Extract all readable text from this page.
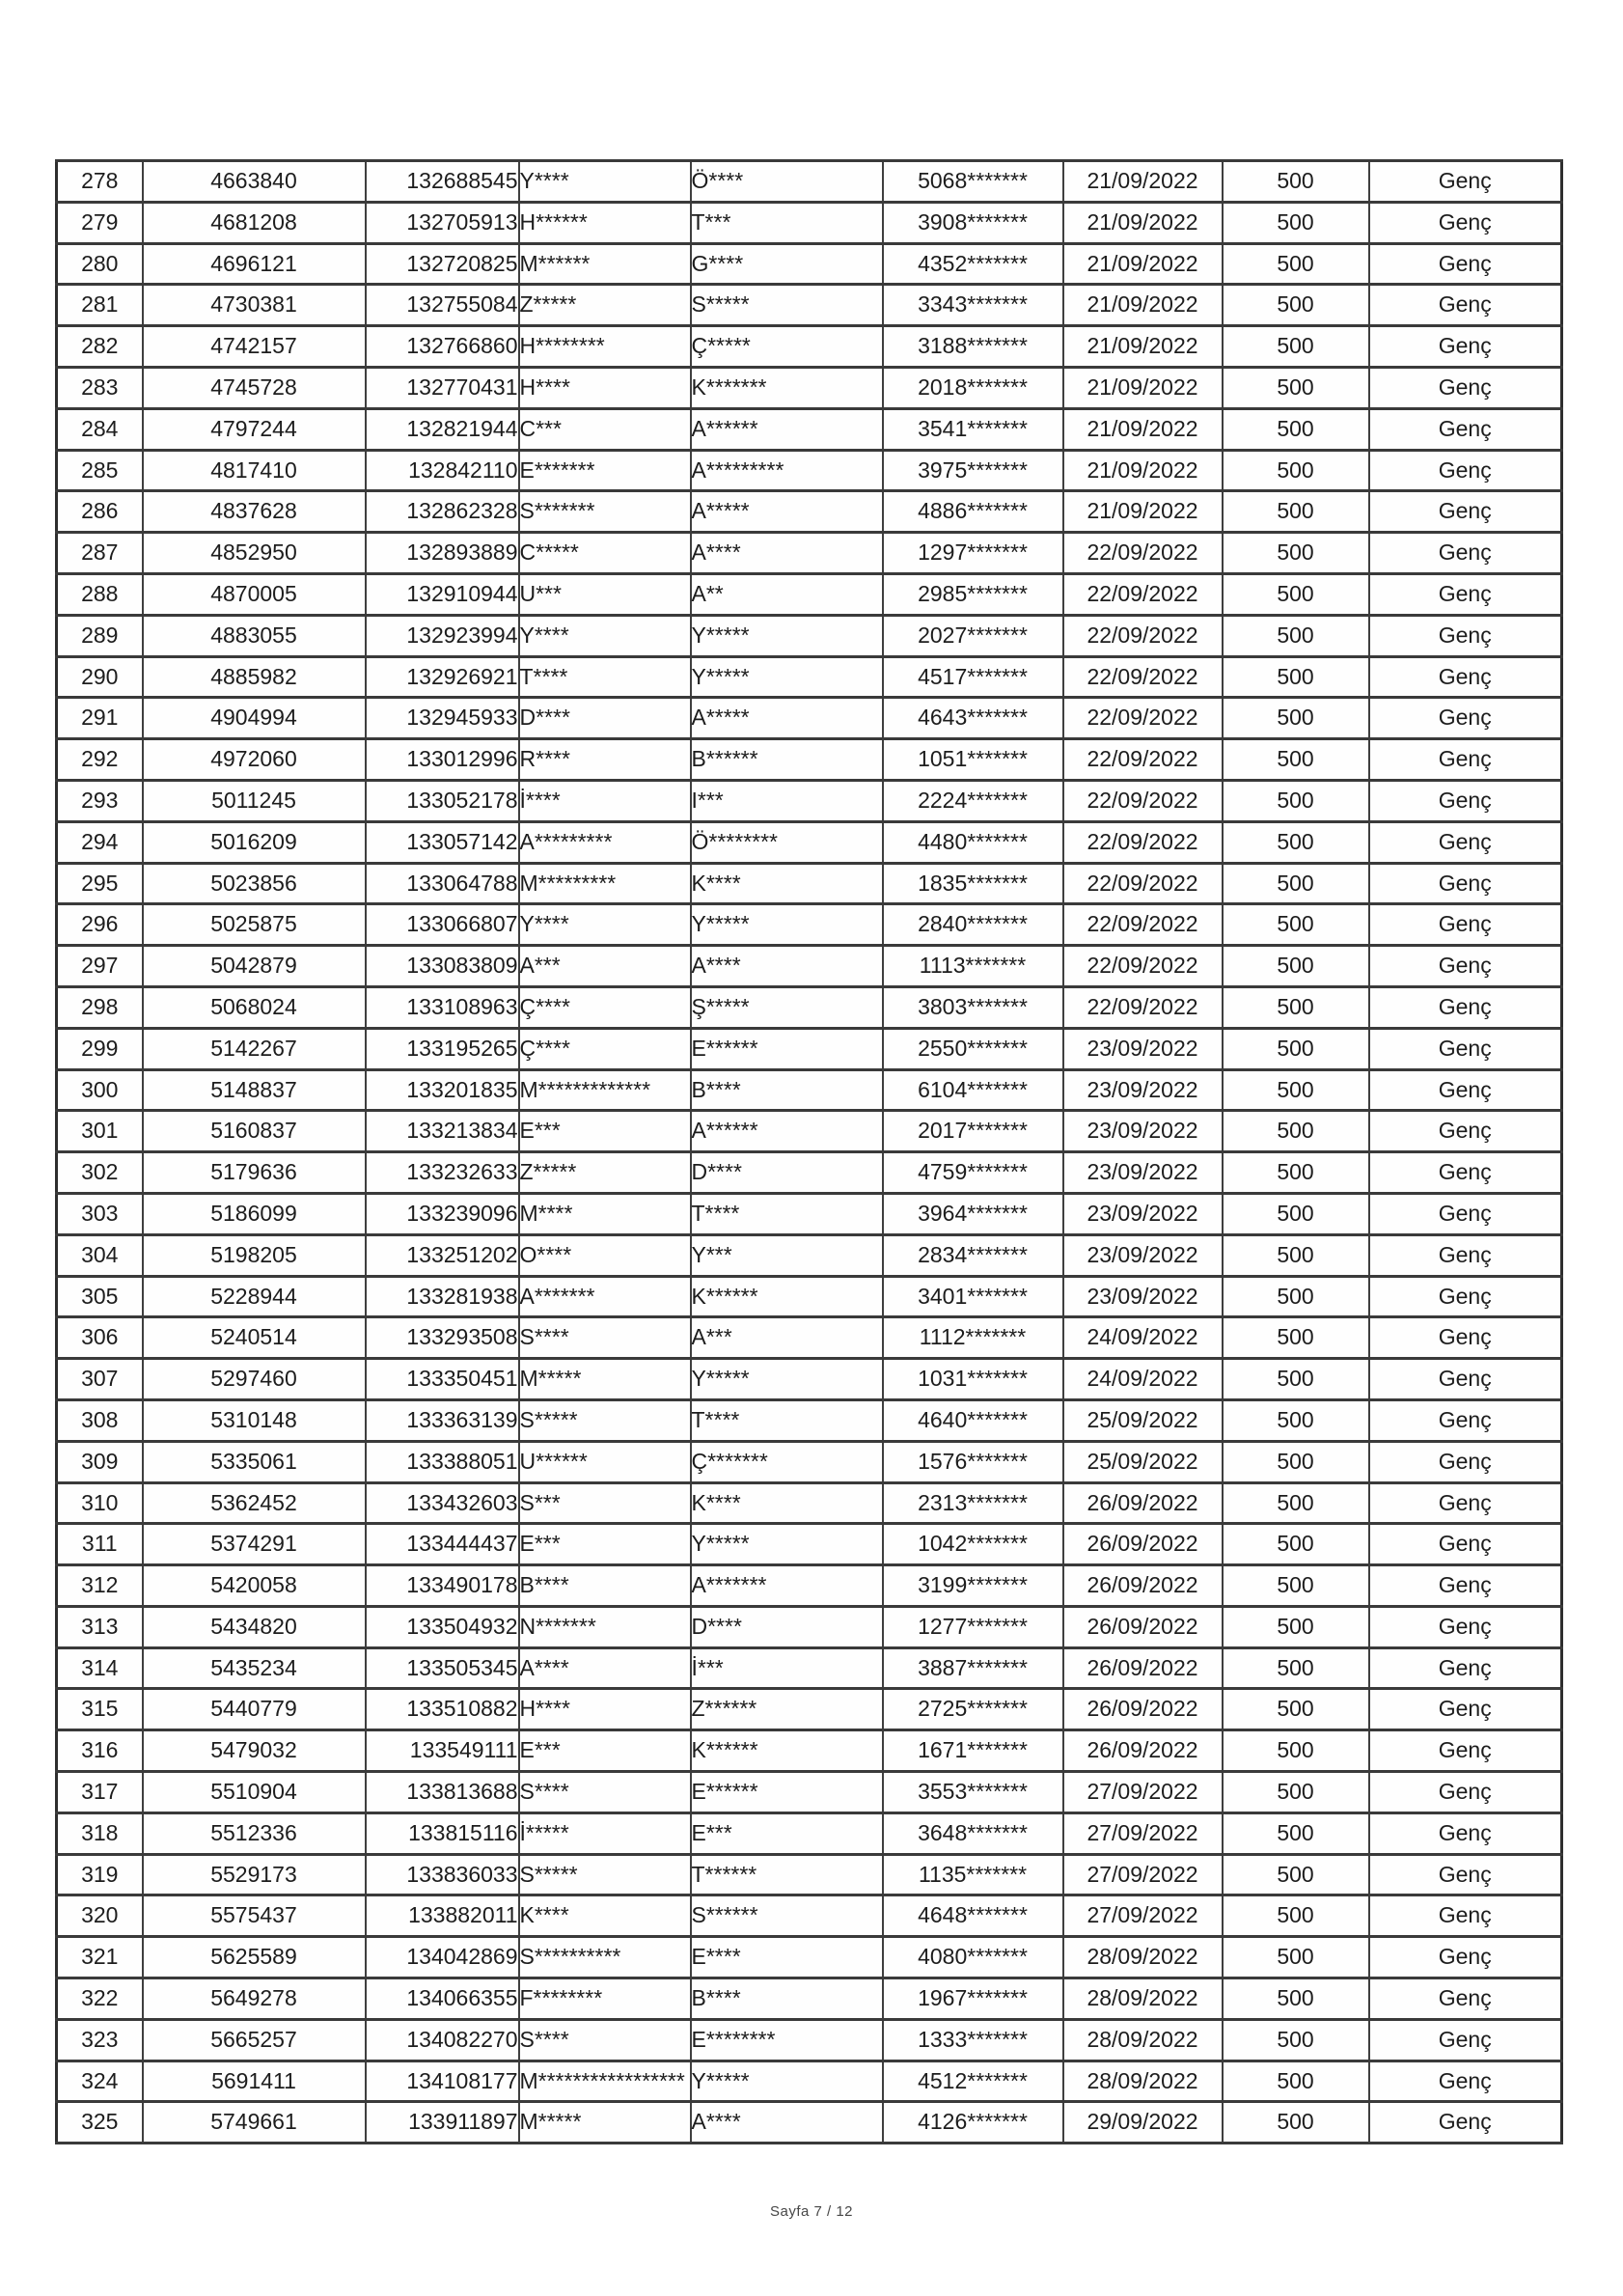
278	4663840	132688545	Y****	Ö****	5068*******	21/09/2022	500	Genç
279	4681208	132705913	H******	T***	3908*******	21/09/2022	500	Genç
280	4696121	132720825	M******	G****	4352*******	21/09/2022	500	Genç
281	4730381	132755084	Z*****	S*****	3343*******	21/09/2022	500	Genç
282	4742157	132766860	H********	Ç*****	3188*******	21/09/2022	500	Genç
283	4745728	132770431	H****	K*******	2018*******	21/09/2022	500	Genç
284	4797244	132821944	C***	A******	3541*******	21/09/2022	500	Genç
285	4817410	132842110	E*******	A*********	3975*******	21/09/2022	500	Genç
286	4837628	132862328	S*******	A*****	4886*******	21/09/2022	500	Genç
287	4852950	132893889	C*****	A****	1297*******	22/09/2022	500	Genç
288	4870005	132910944	U***	A**	2985*******	22/09/2022	500	Genç
289	4883055	132923994	Y****	Y*****	2027*******	22/09/2022	500	Genç
290	4885982	132926921	T****	Y*****	4517*******	22/09/2022	500	Genç
291	4904994	132945933	D****	A*****	4643*******	22/09/2022	500	Genç
292	4972060	133012996	R****	B******	1051*******	22/09/2022	500	Genç
293	5011245	133052178	İ****	I***	2224*******	22/09/2022	500	Genç
294	5016209	133057142	A*********	Ö********	4480*******	22/09/2022	500	Genç
295	5023856	133064788	M*********	K****	1835*******	22/09/2022	500	Genç
296	5025875	133066807	Y****	Y*****	2840*******	22/09/2022	500	Genç
297	5042879	133083809	A***	A****	1113*******	22/09/2022	500	Genç
298	5068024	133108963	Ç****	Ş*****	3803*******	22/09/2022	500	Genç
299	5142267	133195265	Ç****	E******	2550*******	23/09/2022	500	Genç
300	5148837	133201835	M*************	B****	6104*******	23/09/2022	500	Genç
301	5160837	133213834	E***	A******	2017*******	23/09/2022	500	Genç
302	5179636	133232633	Z*****	D****	4759*******	23/09/2022	500	Genç
303	5186099	133239096	M****	T****	3964*******	23/09/2022	500	Genç
304	5198205	133251202	O****	Y***	2834*******	23/09/2022	500	Genç
305	5228944	133281938	A*******	K******	3401*******	23/09/2022	500	Genç
306	5240514	133293508	S****	A***	1112*******	24/09/2022	500	Genç
307	5297460	133350451	M*****	Y*****	1031*******	24/09/2022	500	Genç
308	5310148	133363139	S*****	T****	4640*******	25/09/2022	500	Genç
309	5335061	133388051	U******	Ç*******	1576*******	25/09/2022	500	Genç
310	5362452	133432603	S***	K****	2313*******	26/09/2022	500	Genç
311	5374291	133444437	E***	Y*****	1042*******	26/09/2022	500	Genç
312	5420058	133490178	B****	A*******	3199*******	26/09/2022	500	Genç
313	5434820	133504932	N*******	D****	1277*******	26/09/2022	500	Genç
314	5435234	133505345	A****	İ***	3887*******	26/09/2022	500	Genç
315	5440779	133510882	H****	Z******	2725*******	26/09/2022	500	Genç
316	5479032	133549111	E***	K******	1671*******	26/09/2022	500	Genç
317	5510904	133813688	S****	E******	3553*******	27/09/2022	500	Genç
318	5512336	133815116	İ*****	E***	3648*******	27/09/2022	500	Genç
319	5529173	133836033	S*****	T******	1135*******	27/09/2022	500	Genç
320	5575437	133882011	K****	S******	4648*******	27/09/2022	500	Genç
321	5625589	134042869	S**********	E****	4080*******	28/09/2022	500	Genç
322	5649278	134066355	F********	B****	1967*******	28/09/2022	500	Genç
323	5665257	134082270	S****	E********	1333*******	28/09/2022	500	Genç
324	5691411	134108177	M*****************	Y*****	4512*******	28/09/2022	500	Genç
325	5749661	133911897	M*****	A****	4126*******	29/09/2022	500	Genç
Sayfa 7 / 12
